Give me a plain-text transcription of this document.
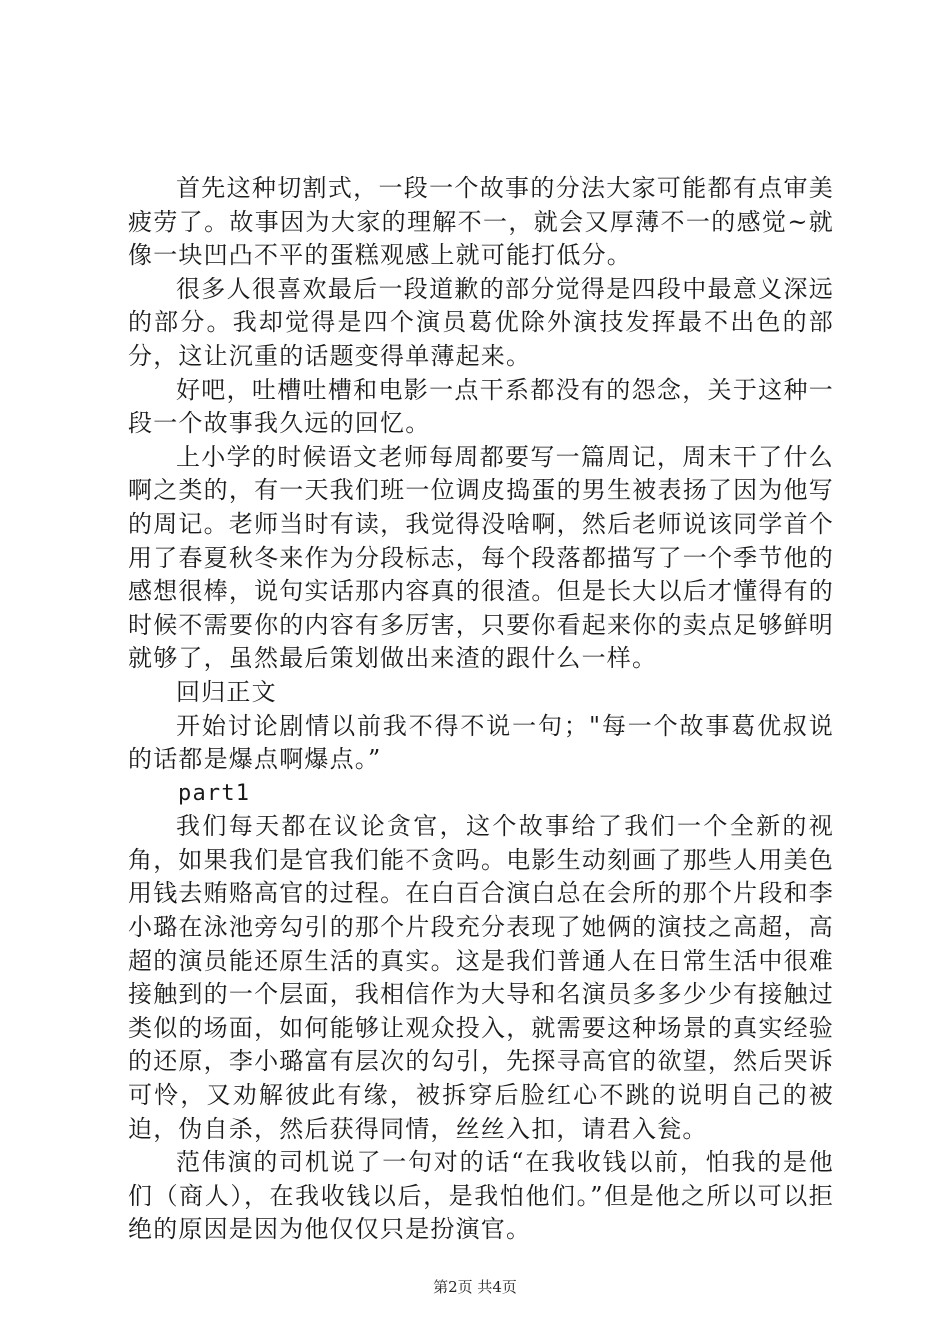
首先这种切割式，一段一个故事的分法大家可能都有点审美疲劳了。故事因为大家的理解不一，就会又厚薄不一的感觉~就像一块凹凸不平的蛋糕观感上就可能打低分。

很多人很喜欢最后一段道歉的部分觉得是四段中最意义深远的部分。我却觉得是四个演员葛优除外演技发挥最不出色的部分，这让沉重的话题变得单薄起来。

好吧，吐槽吐槽和电影一点干系都没有的怨念，关于这种一段一个故事我久远的回忆。

上小学的时候语文老师每周都要写一篇周记，周末干了什么啊之类的，有一天我们班一位调皮捣蛋的男生被表扬了因为他写的周记。老师当时有读，我觉得没啥啊，然后老师说该同学首个用了春夏秋冬来作为分段标志，每个段落都描写了一个季节他的感想很棒，说句实话那内容真的很渣。但是长大以后才懂得有的时候不需要你的内容有多厉害，只要你看起来你的卖点足够鲜明就够了，虽然最后策划做出来渣的跟什么一样。

回归正文

开始讨论剧情以前我不得不说一句；"每一个故事葛优叔说的话都是爆点啊爆点。”

part1

我们每天都在议论贪官，这个故事给了我们一个全新的视角，如果我们是官我们能不贪吗。电影生动刻画了那些人用美色用钱去贿赂高官的过程。在白百合演白总在会所的那个片段和李小璐在泳池旁勾引的那个片段充分表现了她俩的演技之高超，高超的演员能还原生活的真实。这是我们普通人在日常生活中很难接触到的一个层面，我相信作为大导和名演员多多少少有接触过类似的场面，如何能够让观众投入，就需要这种场景的真实经验的还原，李小璐富有层次的勾引，先探寻高官的欲望，然后哭诉可怜，又劝解彼此有缘，被拆穿后脸红心不跳的说明自己的被迫，伪自杀，然后获得同情，丝丝入扣，请君入瓮。

范伟演的司机说了一句对的话“在我收钱以前，怕我的是他们（商人），在我收钱以后，是我怕他们。”但是他之所以可以拒绝的原因是因为他仅仅只是扮演官。

第2页 共4页
